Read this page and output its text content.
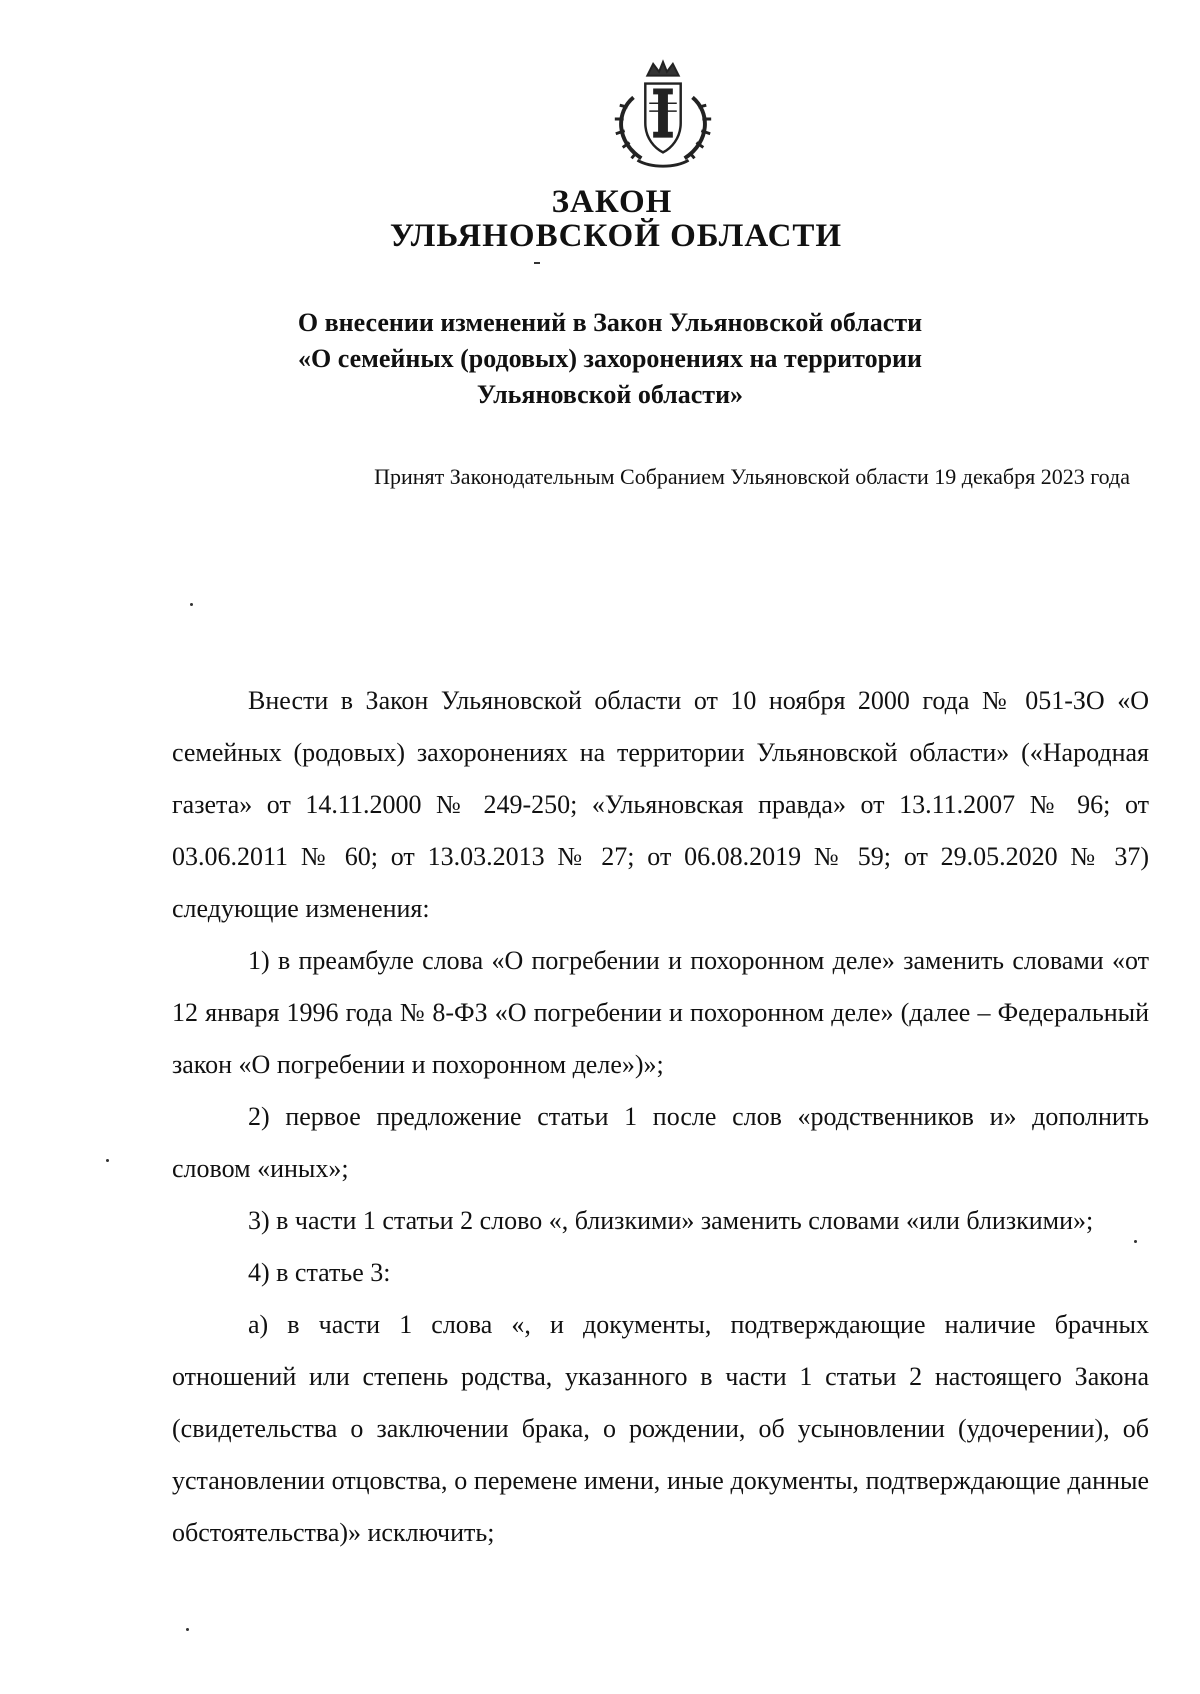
ЗАКОН
УЛЬЯНОВСКОЙ ОБЛАСТИ
О внесении изменений в Закон Ульяновской области
«О семейных (родовых) захоронениях на территории
Ульяновской области»
Принят Законодательным Собранием Ульяновской области 19 декабря 2023 года

Внести в Закон Ульяновской области от 10 ноября 2000 года № 051-ЗО «О семейных (родовых) захоронениях на территории Ульяновской области» («Народная газета» от 14.11.2000 № 249-250; «Ульяновская правда» от 13.11.2007 № 96; от 03.06.2011 № 60; от 13.03.2013 № 27; от 06.08.2019 № 59; от 29.05.2020 № 37) следующие изменения:

1) в преамбуле слова «О погребении и похоронном деле» заменить словами «от 12 января 1996 года № 8-ФЗ «О погребении и похоронном деле» (далее – Федеральный закон «О погребении и похоронном деле»)»;

2) первое предложение статьи 1 после слов «родственников и» дополнить словом «иных»;

3) в части 1 статьи 2 слово «, близкими» заменить словами «или близкими»;

4) в статье 3:

а) в части 1 слова «, и документы, подтверждающие наличие брачных отношений или степень родства, указанного в части 1 статьи 2 настоящего Закона (свидетельства о заключении брака, о рождении, об усыновлении (удочерении), об установлении отцовства, о перемене имени, иные документы, подтверждающие данные обстоятельства)» исключить;
